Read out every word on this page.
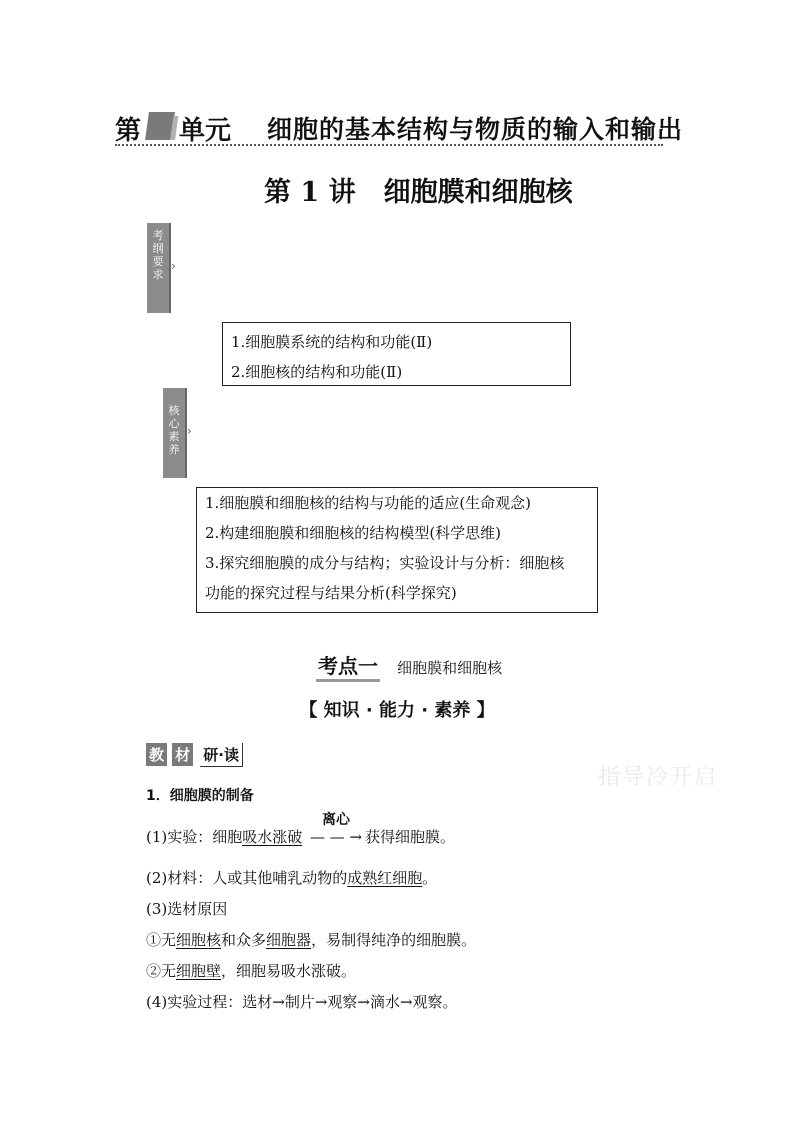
第 单元 细胞的基本结构与物质的输入和输出
第 1 讲 细胞膜和细胞核
考纲要求
›

1.细胞膜系统的结构和功能(Ⅱ)

2.细胞核的结构和功能(Ⅱ)

核心素养
›

1.细胞膜和细胞核的结构与功能的适应(生命观念)

2.构建细胞膜和细胞核的结构模型(科学思维)

3.探究细胞膜的成分与结构；实验设计与分析：细胞核

功能的探究过程与结果分析(科学探究)

考点一 细胞膜和细胞核
【 知识 · 能力 · 素养 】
教 材 研·读
指导冷开启
1．细胞膜的制备
(1)实验：细胞吸水涨破
离心
— — → 获得细胞膜。
(2)材料：人或其他哺乳动物的成熟红细胞。
(3)选材原因
①无细胞核和众多细胞器，易制得纯净的细胞膜。
②无细胞壁，细胞易吸水涨破。
(4)实验过程：选材→制片→观察→滴水→观察。
